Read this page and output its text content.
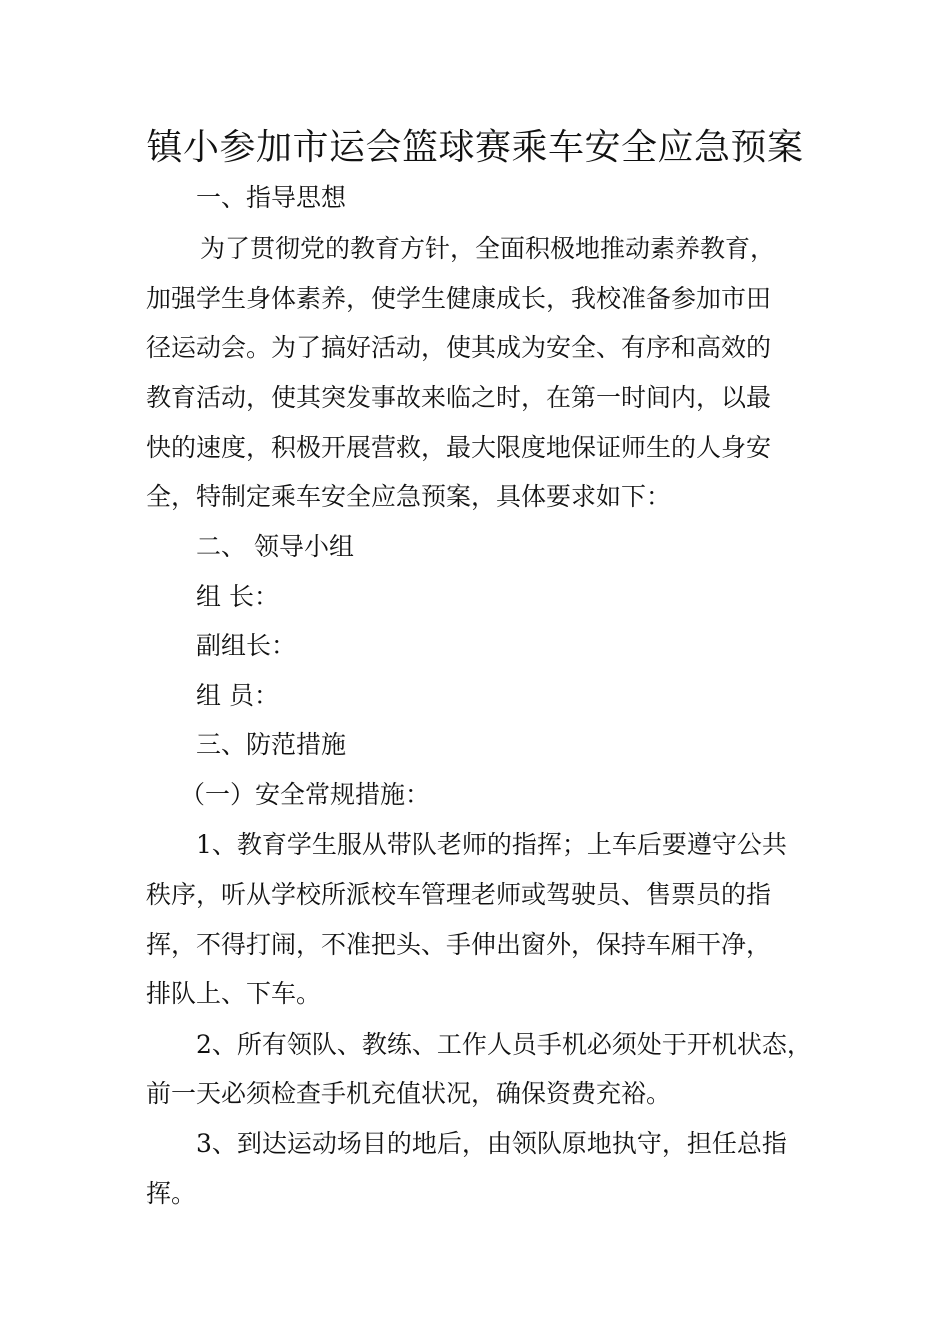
镇小参加市运会篮球赛乘车安全应急预案

一、指导思想

为了贯彻党的教育方针，全面积极地推动素养教育，

加强学生身体素养，使学生健康成长，我校准备参加市田

径运动会。为了搞好活动，使其成为安全、有序和高效的

教育活动，使其突发事故来临之时，在第一时间内，以最

快的速度，积极开展营救，最大限度地保证师生的人身安

全，特制定乘车安全应急预案，具体要求如下：

二、 领导小组

组 长：

副组长：

组 员：

三、防范措施

（一）安全常规措施：

1、教育学生服从带队老师的指挥；上车后要遵守公共

秩序，听从学校所派校车管理老师或驾驶员、售票员的指

挥，不得打闹，不准把头、手伸出窗外，保持车厢干净，

排队上、下车。

2、所有领队、教练、工作人员手机必须处于开机状态，

前一天必须检查手机充值状况，确保资费充裕。

3、到达运动场目的地后，由领队原地执守，担任总指

挥。
